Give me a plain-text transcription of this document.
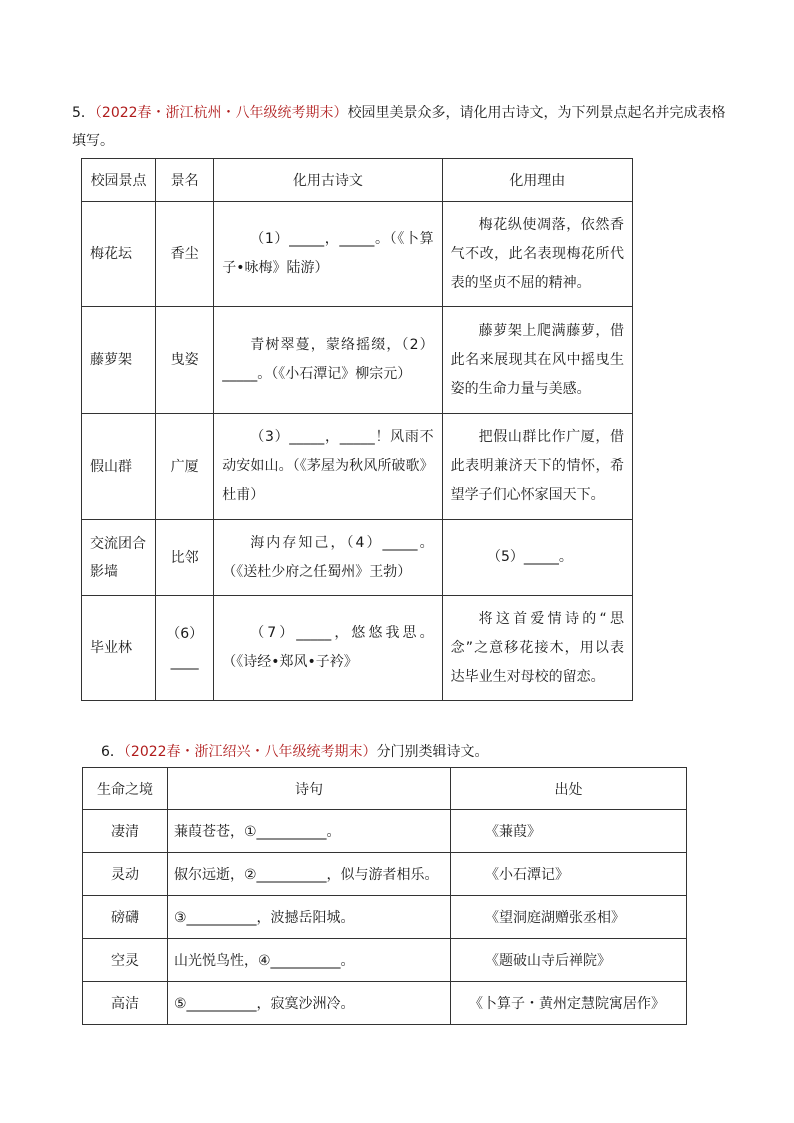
5．（2022春・浙江杭州・八年级统考期末）校园里美景众多，请化用古诗文，为下列景点起名并完成表格填写。
校园景点	景名	化用古诗文	化用理由
梅花坛	香尘	（1）_____，_____。（《卜算子•咏梅》陆游）	梅花纵使凋落，依然香气不改，此名表现梅花所代表的坚贞不屈的精神。
藤萝架	曳姿	青树翠蔓，蒙络摇缀，（2）_____。（《小石潭记》柳宗元）	藤萝架上爬满藤萝，借此名来展现其在风中摇曳生姿的生命力量与美感。
假山群	广厦	（3）_____，_____！风雨不动安如山。（《茅屋为秋风所破歌》杜甫）	把假山群比作广厦，借此表明兼济天下的情怀，希望学子们心怀家国天下。
交流团合影墙	比邻	海内存知己，（4）_____。（《送杜少府之任蜀州》王勃）	（5）_____。
毕业林	（6）____	（7）_____，悠悠我思。（《诗经•郑风•子衿》	将这首爱情诗的“思念”之意移花接木，用以表达毕业生对母校的留恋。
6．（2022春・浙江绍兴・八年级统考期末）分门别类辑诗文。
生命之境	诗句	出处
凄清	蒹葭苍苍，①__________。	《蒹葭》
灵动	俶尔远逝，②__________，似与游者相乐。	《小石潭记》
磅礴	③__________，波撼岳阳城。	《望洞庭湖赠张丞相》
空灵	山光悦鸟性，④__________。	《题破山寺后禅院》
高洁	⑤__________，寂寞沙洲冷。	《卜算子・黄州定慧院寓居作》
